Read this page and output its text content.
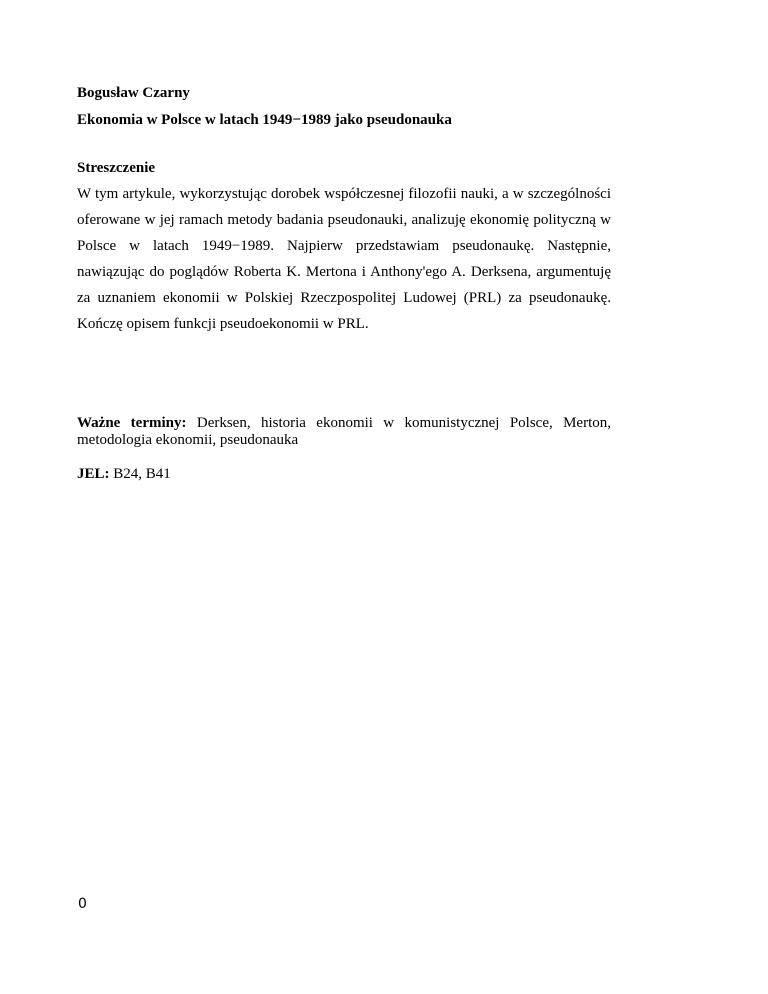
Bogusław Czarny

Ekonomia w Polsce w latach 1949−1989 jako pseudonauka

Streszczenie

W tym artykule, wykorzystując dorobek współczesnej filozofii nauki, a w szczególności oferowane w jej ramach metody badania pseudonauki, analizuję ekonomię polityczną w Polsce w latach 1949−1989. Najpierw przedstawiam pseudonaukę. Następnie, nawiązując do poglądów Roberta K. Mertona i Anthony'ego A. Derksena, argumentuję za uznaniem ekonomii w Polskiej Rzeczpospolitej Ludowej (PRL) za pseudonaukę. Kończę opisem funkcji pseudoekonomii w PRL.

Ważne terminy: Derksen, historia ekonomii w komunistycznej Polsce, Merton, metodologia ekonomii, pseudonauka

JEL: B24, B41

0
